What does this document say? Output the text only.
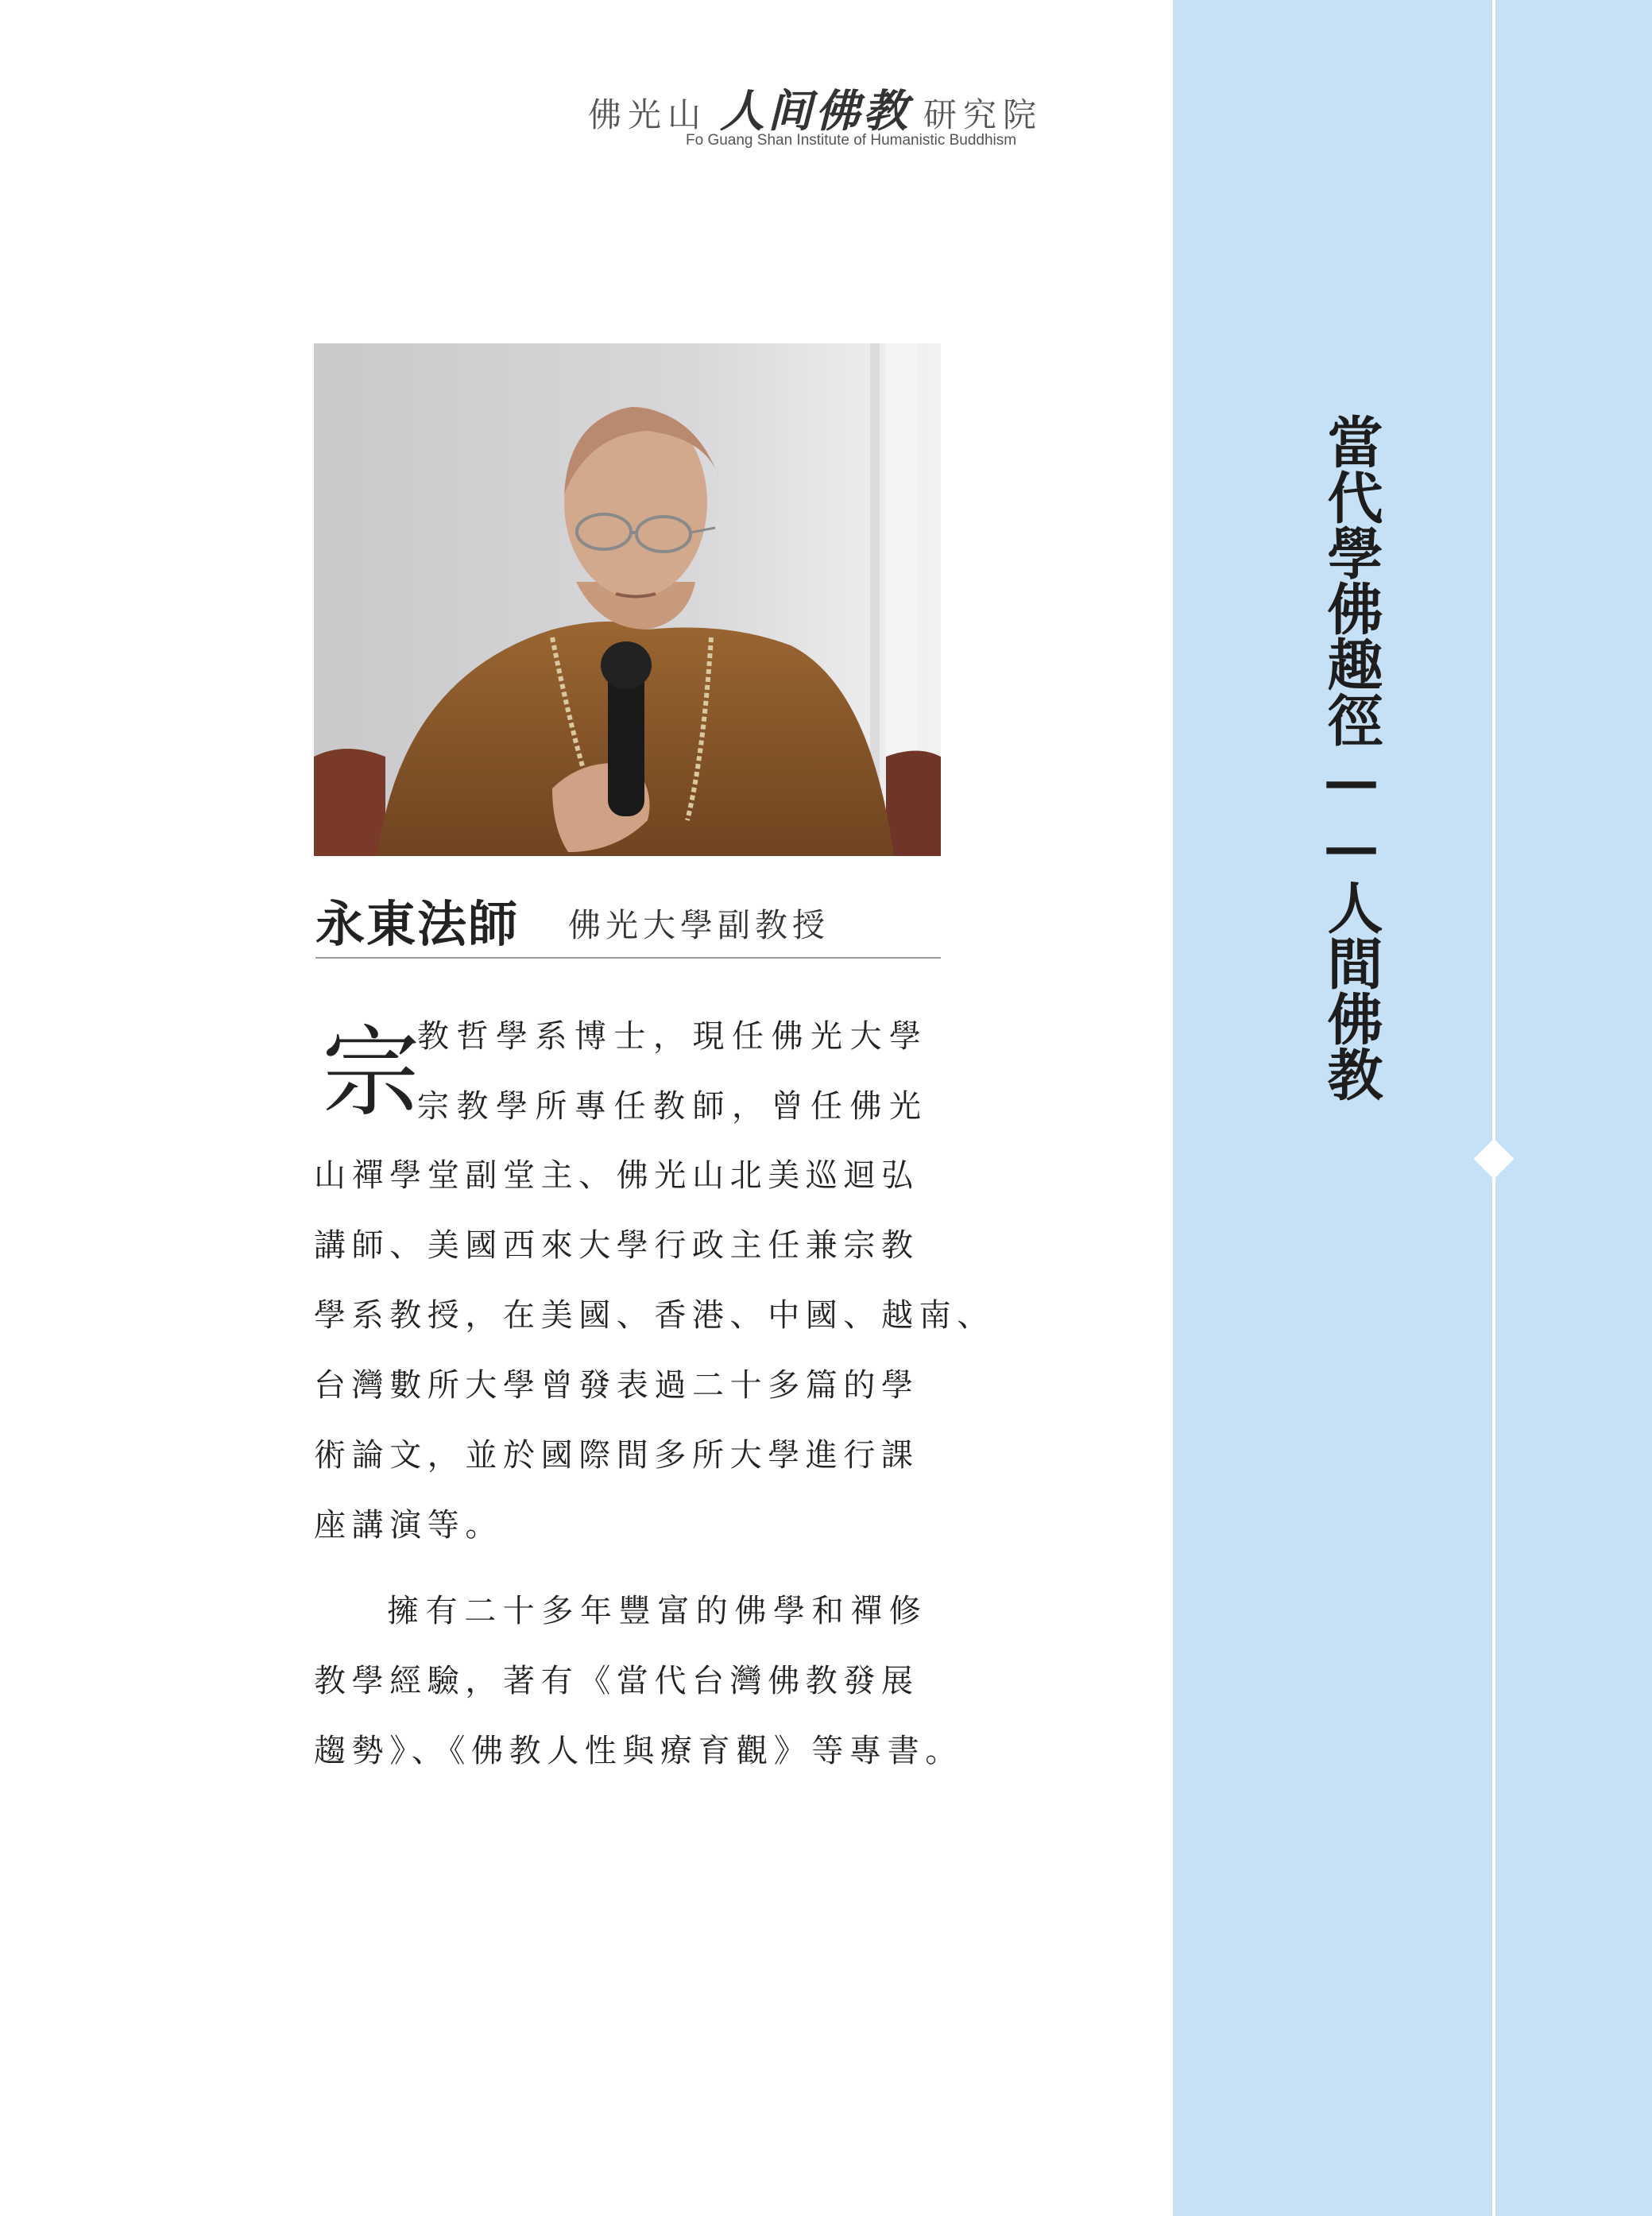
佛光山 人间佛教 研究院
Fo Guang Shan Institute of Humanistic Buddhism
永東法師 佛光大學副教授
宗
教哲學系博士，現任佛光大學
宗教學所專任教師，曾任佛光
山禪學堂副堂主、佛光山北美巡迴弘
講師、美國西來大學行政主任兼宗教
學系教授，在美國、香港、中國、越南、
台灣數所大學曾發表過二十多篇的學
術論文，並於國際間多所大學進行課
座講演等。
擁有二十多年豐富的佛學和禪修
教學經驗，著有《當代台灣佛教發展
趨勢》、《佛教人性與療育觀》等專書。
當代學佛趣徑——人間佛教
